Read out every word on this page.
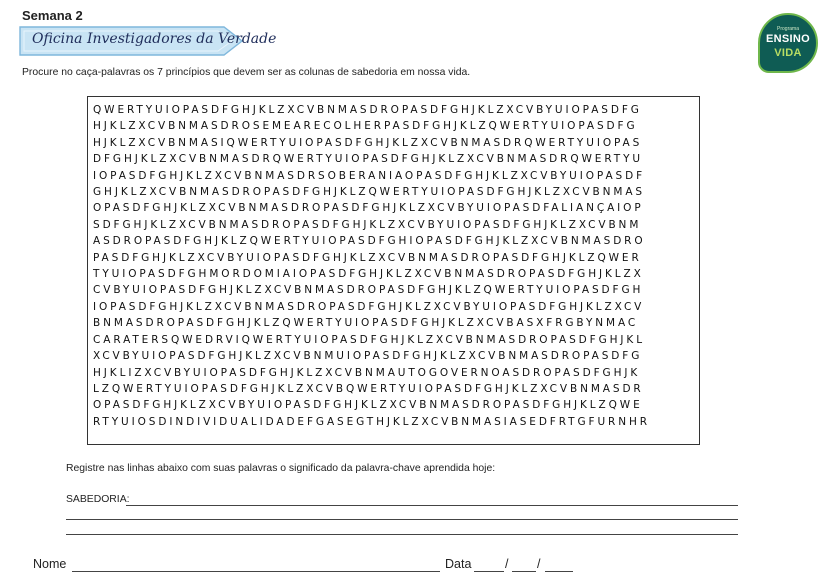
Semana 2
Oficina Investigadores da Verdade
Programa
ENSINO
VIDA
Procure no caça-palavras os 7 princípios que devem ser as colunas de sabedoria em nossa vida.
QWERTYUIOPASDFGHJKLZXCVBNMASDROPASDFGHJKLZXCVBYUIOPASDFG
HJKLZXCVBNMASDROSEMEARECOLHERPASDFGHJKLZQWERTYUIOPASDFG
HJKLZXCVBNMASIQWERTYUIOPASDFGHJKLZXCVBNMASDRQWERTYUIOPAS
DFGHJKLZXCVBNMASDRQWERTYUIOPASDFGHJKLZXCVBNMASDRQWERTYU
IOPASDFGHJKLZXCVBNMASDRSOBERANIAOPASDFGHJKLZXCVBYUIOPASDF
GHJKLZXCVBNMASDROPASDFGHJKLZQWERTYUIOPASDFGHJKLZXCVBNMAS
OPASDFGHJKLZXCVBNMASDROPASDFGHJKLZXCVBYUIOPASDFALIANÇAIOP
SDFGHJKLZXCVBNMASDROPASDFGHJKLZXCVBYUIOPASDFGHJKLZXCVBNM
ASDROPASDFGHJKLZQWERTYUIOPASDFGHIOPASDFGHJKLZXCVBNMASDRO
PASDFGHJKLZXCVBYUIOPASDFGHJKLZXCVBNMASDROPASDFGHJKLZQWER
TYUIOPASDFGHMORDOMIAIOPASDFGHJKLZXCVBNMASDROPASDFGHJKLZX
CVBYUIOPASDFGHJKLZXCVBNMASDROPASDFGHJKLZQWERTYUIOPASDFGH
IOPASDFGHJKLZXCVBNMASDROPASDFGHJKLZXCVBYUIOPASDFGHJKLZXCV
BNMASDROPASDFGHJKLZQWERTYUIOPASDFGHJKLZXCVBASXFRGBYNMAC
CARATERSQWEDRVIQWERTYUIOPASDFGHJKLZXCVBNMASDROPASDFGHJKL
XCVBYUIOPASDFGHJKLZXCVBNMUIOPASDFGHJKLZXCVBNMASDROPASDFG
HJKLIZXCVBYUIOPASDFGHJKLZXCVBNMAUTOGOVERNOASDROPASDFGHJK
LZQWERTYUIOPASDFGHJKLZXCVBQWERTYUIOPASDFGHJKLZXCVBNMASDR
OPASDFGHJKLZXCVBYUIOPASDFGHJKLZXCVBNMASDROPASDFGHJKLZQWE
RTYUIOSDINDIVIDUALIDADEFGASEGTHJKLZXCVBNMASIASEDFRTGFURNHR
Registre nas linhas abaixo com suas palavras o significado da palavra-chave aprendida hoje:
SABEDORIA:
Nome	Data	/ /
